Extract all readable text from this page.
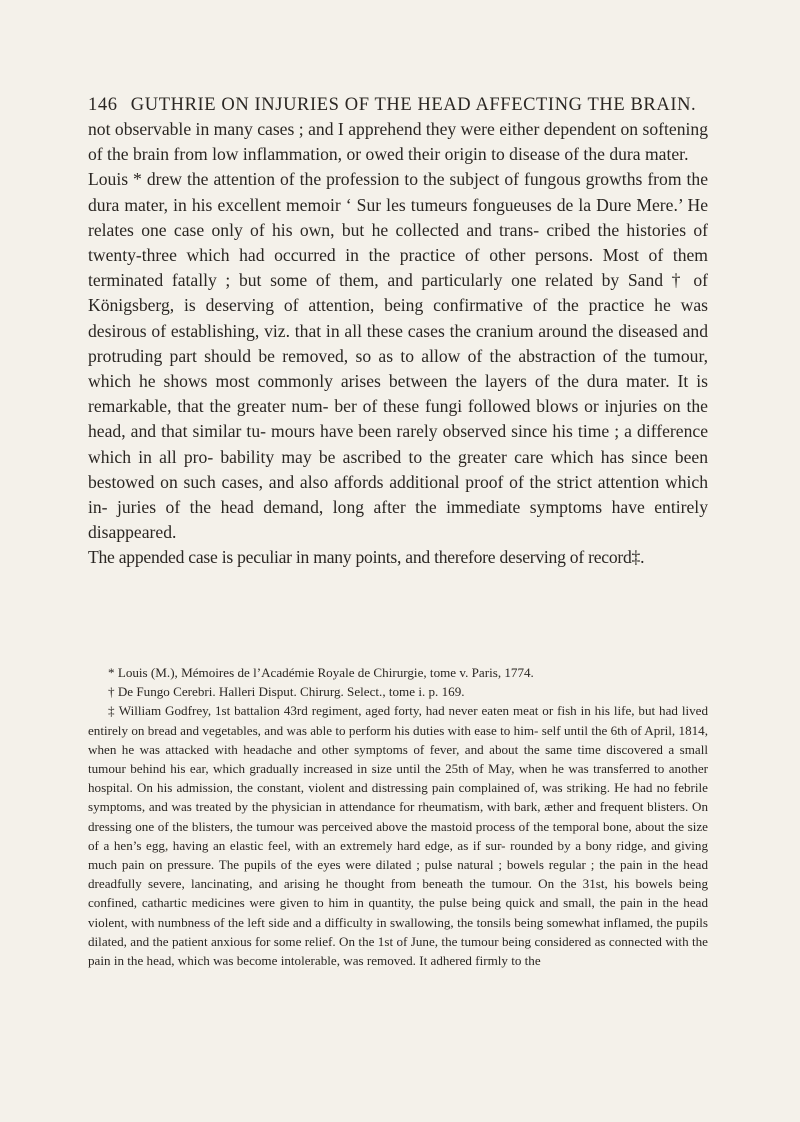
146 GUTHRIE ON INJURIES OF THE HEAD AFFECTING THE BRAIN.

not observable in many cases ; and I apprehend they were either dependent on softening of the brain from low inflammation, or owed their origin to disease of the dura mater.

Louis * drew the attention of the profession to the subject of fungous growths from the dura mater, in his excellent memoir ‘ Sur les tumeurs fongueuses de la Dure Mere.’ He relates one case only of his own, but he collected and trans- cribed the histories of twenty-three which had occurred in the practice of other persons. Most of them terminated fatally ; but some of them, and particularly one related by Sand † of Königsberg, is deserving of attention, being confirmative of the practice he was desirous of establishing, viz. that in all these cases the cranium around the diseased and protruding part should be removed, so as to allow of the abstraction of the tumour, which he shows most commonly arises between the layers of the dura mater. It is remarkable, that the greater num- ber of these fungi followed blows or injuries on the head, and that similar tu- mours have been rarely observed since his time ; a difference which in all pro- bability may be ascribed to the greater care which has since been bestowed on such cases, and also affords additional proof of the strict attention which in- juries of the head demand, long after the immediate symptoms have entirely disappeared.

The appended case is peculiar in many points, and therefore deserving of record‡.

* Louis (M.), Mémoires de l’Académie Royale de Chirurgie, tome v. Paris, 1774.

† De Fungo Cerebri. Halleri Disput. Chirurg. Select., tome i. p. 169.

‡ William Godfrey, 1st battalion 43rd regiment, aged forty, had never eaten meat or fish in his life, but had lived entirely on bread and vegetables, and was able to perform his duties with ease to him- self until the 6th of April, 1814, when he was attacked with headache and other symptoms of fever, and about the same time discovered a small tumour behind his ear, which gradually increased in size until the 25th of May, when he was transferred to another hospital. On his admission, the constant, violent and distressing pain complained of, was striking. He had no febrile symptoms, and was treated by the physician in attendance for rheumatism, with bark, æther and frequent blisters. On dressing one of the blisters, the tumour was perceived above the mastoid process of the temporal bone, about the size of a hen’s egg, having an elastic feel, with an extremely hard edge, as if sur- rounded by a bony ridge, and giving much pain on pressure. The pupils of the eyes were dilated ; pulse natural ; bowels regular ; the pain in the head dreadfully severe, lancinating, and arising he thought from beneath the tumour. On the 31st, his bowels being confined, cathartic medicines were given to him in quantity, the pulse being quick and small, the pain in the head violent, with numbness of the left side and a difficulty in swallowing, the tonsils being somewhat inflamed, the pupils dilated, and the patient anxious for some relief. On the 1st of June, the tumour being considered as connected with the pain in the head, which was become intolerable, was removed. It adhered firmly to the
